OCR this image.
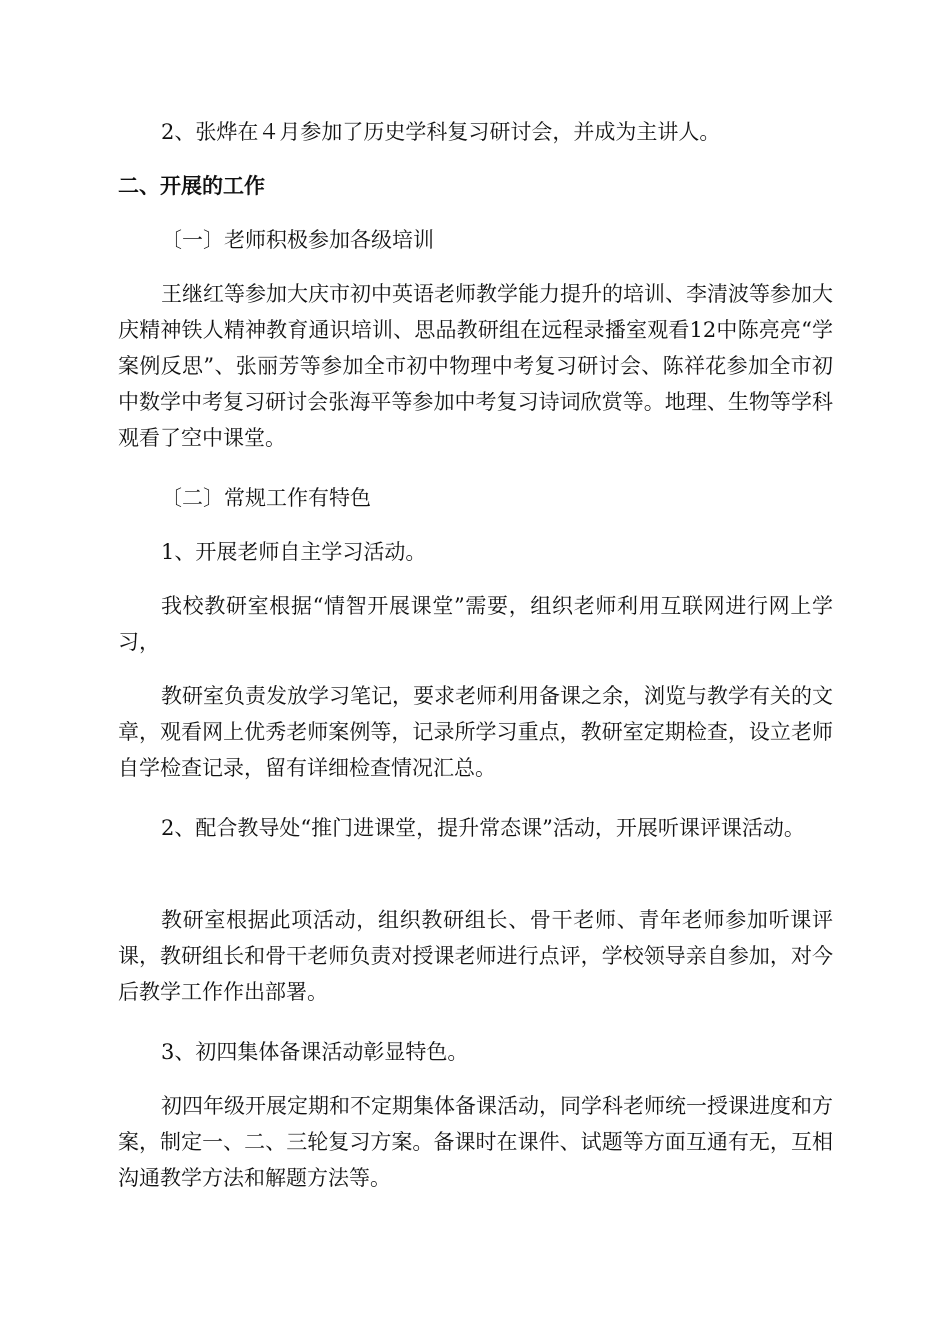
2、张烨在４月参加了历史学科复习研讨会，并成为主讲人。

二、开展的工作

〔一〕老师积极参加各级培训

王继红等参加大庆市初中英语老师教学能力提升的培训、李清波等参加大庆精神铁人精神教育通识培训、思品教研组在远程录播室观看12中陈亮亮“学案例反思”、张丽芳等参加全市初中物理中考复习研讨会、陈祥花参加全市初中数学中考复习研讨会张海平等参加中考复习诗词欣赏等。地理、生物等学科观看了空中课堂。

〔二〕常规工作有特色

1、开展老师自主学习活动。

我校教研室根据“情智开展课堂”需要，组织老师利用互联网进行网上学习，

教研室负责发放学习笔记，要求老师利用备课之余，浏览与教学有关的文章，观看网上优秀老师案例等，记录所学习重点，教研室定期检查，设立老师自学检查记录，留有详细检查情况汇总。

2、配合教导处“推门进课堂，提升常态课”活动，开展听课评课活动。

教研室根据此项活动，组织教研组长、骨干老师、青年老师参加听课评课，教研组长和骨干老师负责对授课老师进行点评，学校领导亲自参加，对今后教学工作作出部署。

3、初四集体备课活动彰显特色。

初四年级开展定期和不定期集体备课活动，同学科老师统一授课进度和方案，制定一、二、三轮复习方案。备课时在课件、试题等方面互通有无，互相沟通教学方法和解题方法等。
